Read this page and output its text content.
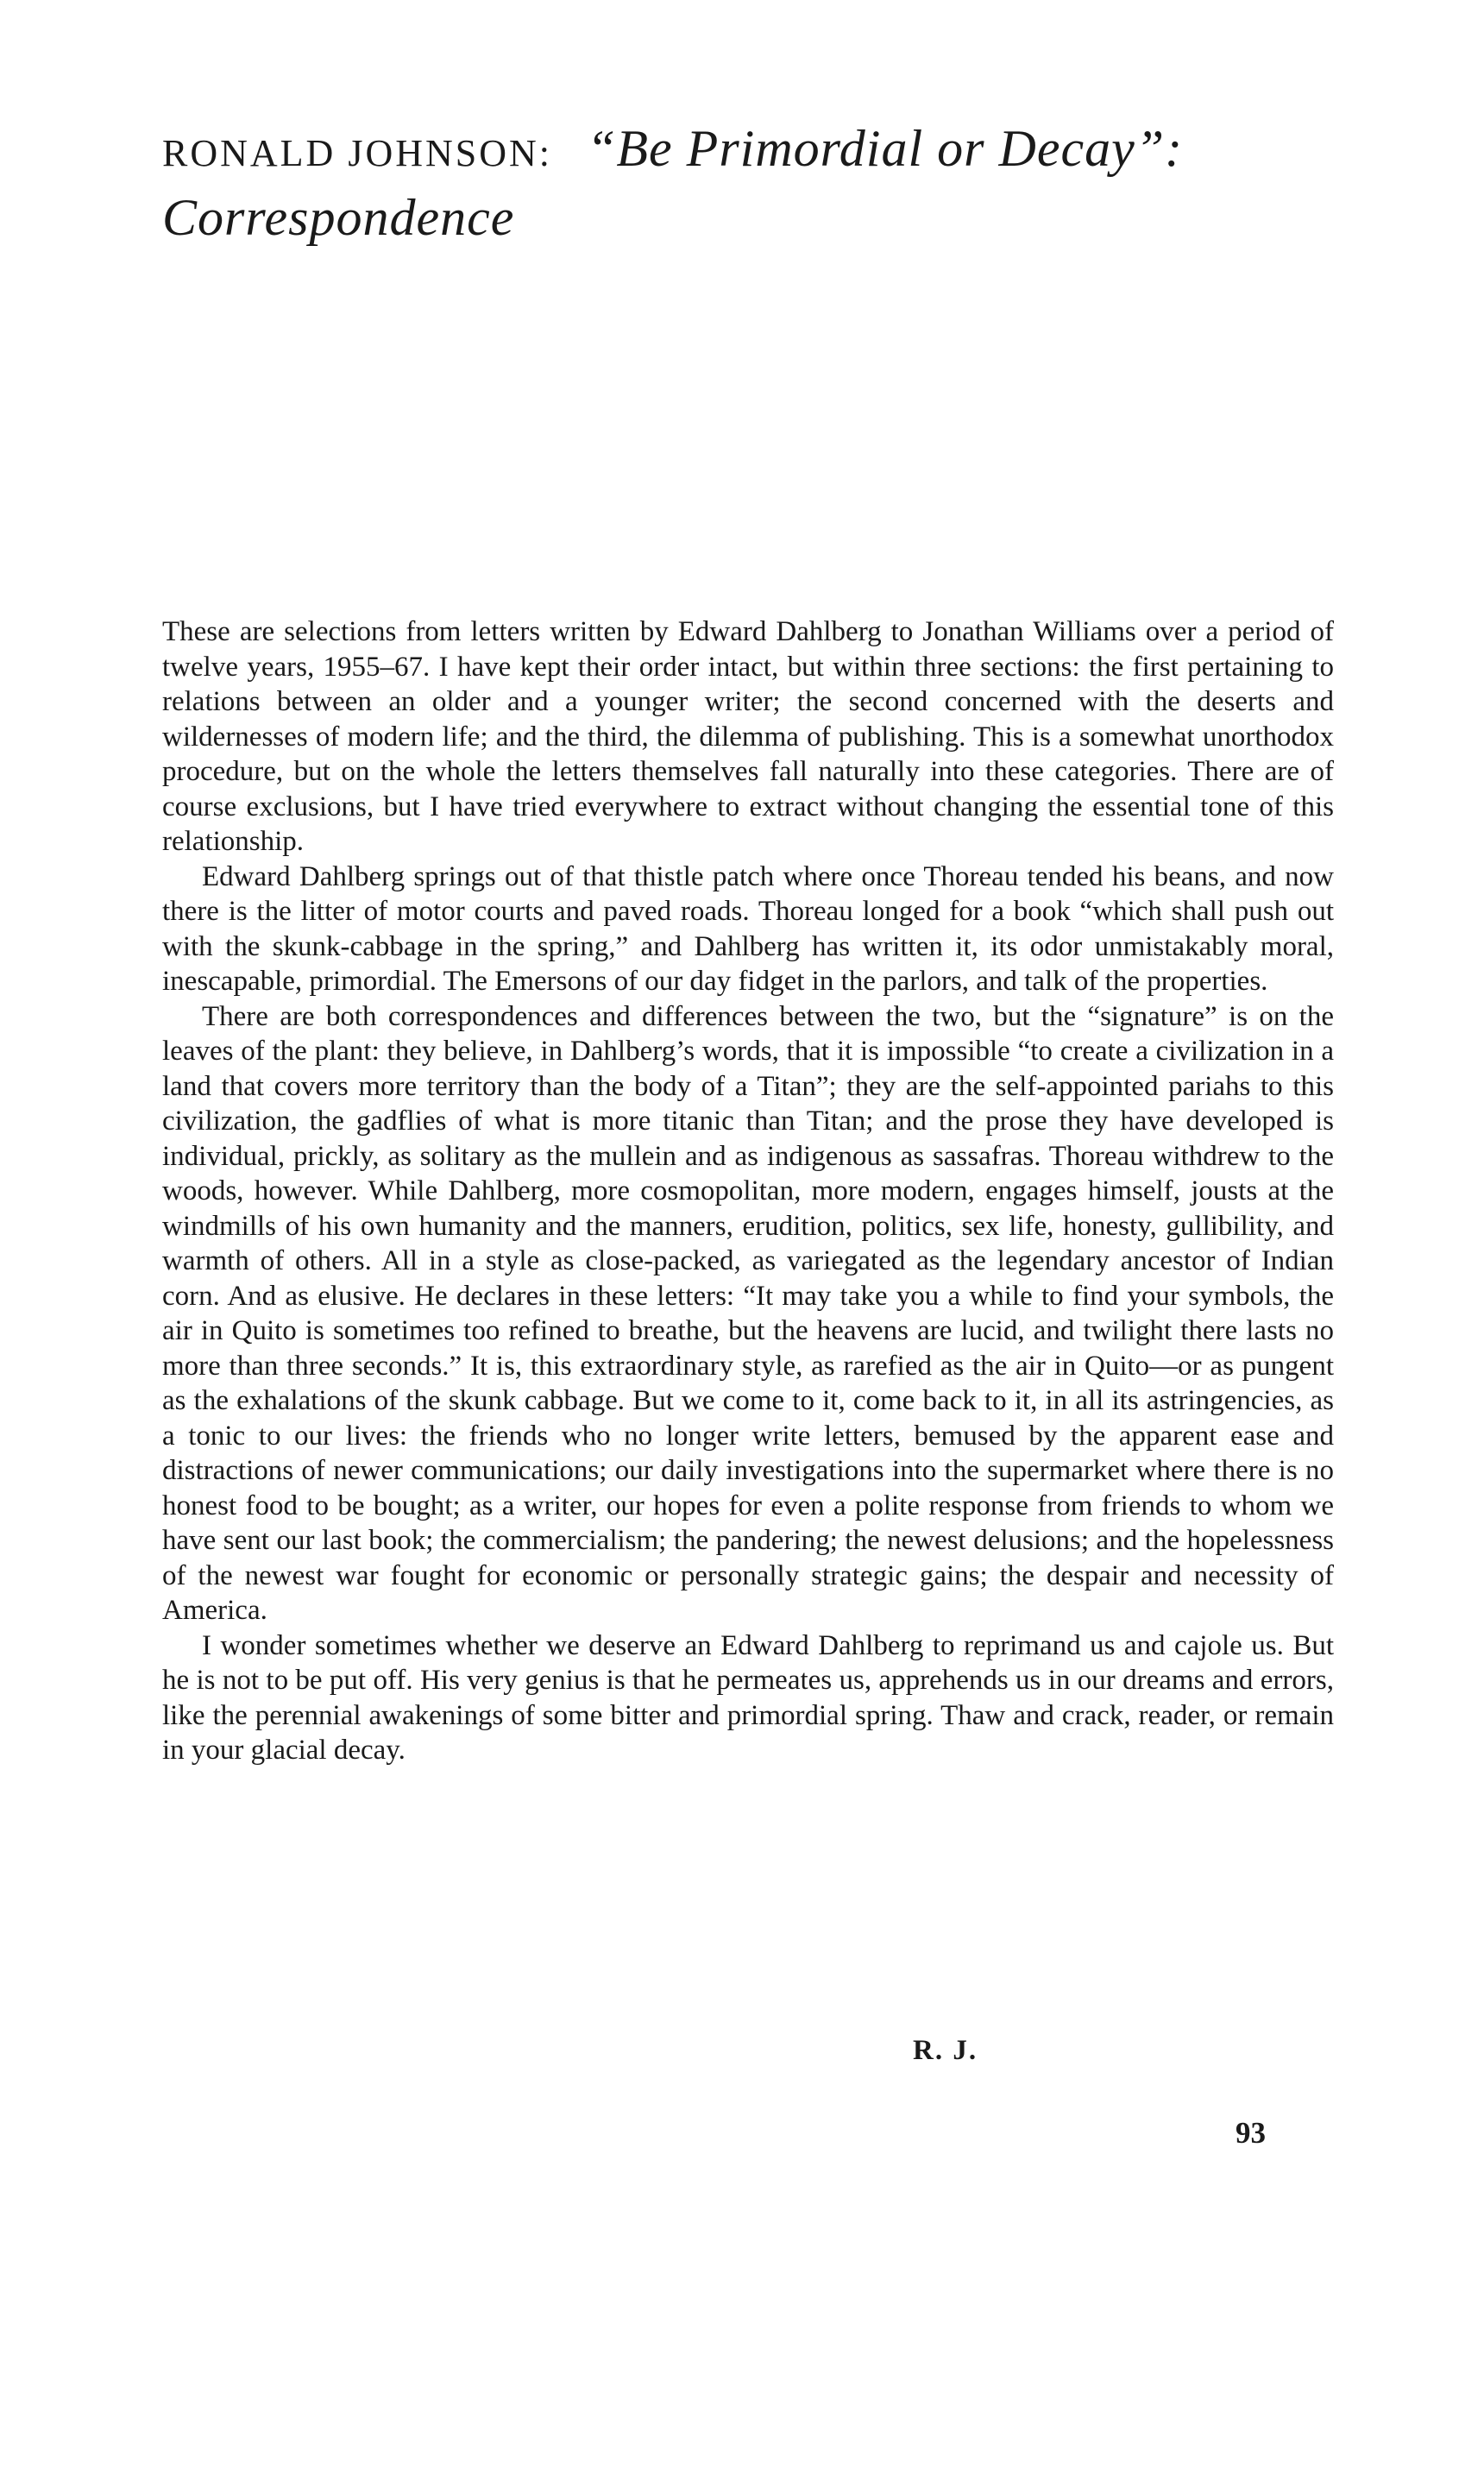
RONALD JOHNSON: “Be Primordial or Decay”:
Correspondence

These are selections from letters written by Edward Dahlberg to Jonathan Williams over a period of twelve years, 1955–67. I have kept their order intact, but within three sections: the first pertaining to relations between an older and a younger writer; the second concerned with the deserts and wildernesses of modern life; and the third, the dilemma of publishing. This is a somewhat unorthodox procedure, but on the whole the letters themselves fall naturally into these categories. There are of course exclusions, but I have tried everywhere to extract without changing the essential tone of this relationship.

Edward Dahlberg springs out of that thistle patch where once Thoreau tended his beans, and now there is the litter of motor courts and paved roads. Thoreau longed for a book “which shall push out with the skunk-cabbage in the spring,” and Dahlberg has written it, its odor unmistakably moral, inescapable, primordial. The Emersons of our day fidget in the parlors, and talk of the properties.

There are both correspondences and differences between the two, but the “signature” is on the leaves of the plant: they believe, in Dahlberg’s words, that it is impossible “to create a civilization in a land that covers more territory than the body of a Titan”; they are the self-appointed pariahs to this civilization, the gadflies of what is more titanic than Titan; and the prose they have developed is individual, prickly, as solitary as the mullein and as indigenous as sassafras. Thoreau withdrew to the woods, however. While Dahlberg, more cosmopolitan, more modern, engages himself, jousts at the windmills of his own humanity and the manners, erudition, politics, sex life, honesty, gullibility, and warmth of others. All in a style as close-packed, as variegated as the legendary ancestor of Indian corn. And as elusive. He declares in these letters: “It may take you a while to find your symbols, the air in Quito is sometimes too refined to breathe, but the heavens are lucid, and twilight there lasts no more than three seconds.” It is, this extraordinary style, as rarefied as the air in Quito—or as pungent as the exhalations of the skunk cabbage. But we come to it, come back to it, in all its astringencies, as a tonic to our lives: the friends who no longer write letters, bemused by the apparent ease and distractions of newer communications; our daily investigations into the supermarket where there is no honest food to be bought; as a writer, our hopes for even a polite response from friends to whom we have sent our last book; the commercialism; the pandering; the newest delusions; and the hopelessness of the newest war fought for economic or personally strategic gains; the despair and necessity of America.

I wonder sometimes whether we deserve an Edward Dahlberg to reprimand us and cajole us. But he is not to be put off. His very genius is that he permeates us, apprehends us in our dreams and errors, like the perennial awakenings of some bitter and primordial spring. Thaw and crack, reader, or remain in your glacial decay.

R. J.
93
